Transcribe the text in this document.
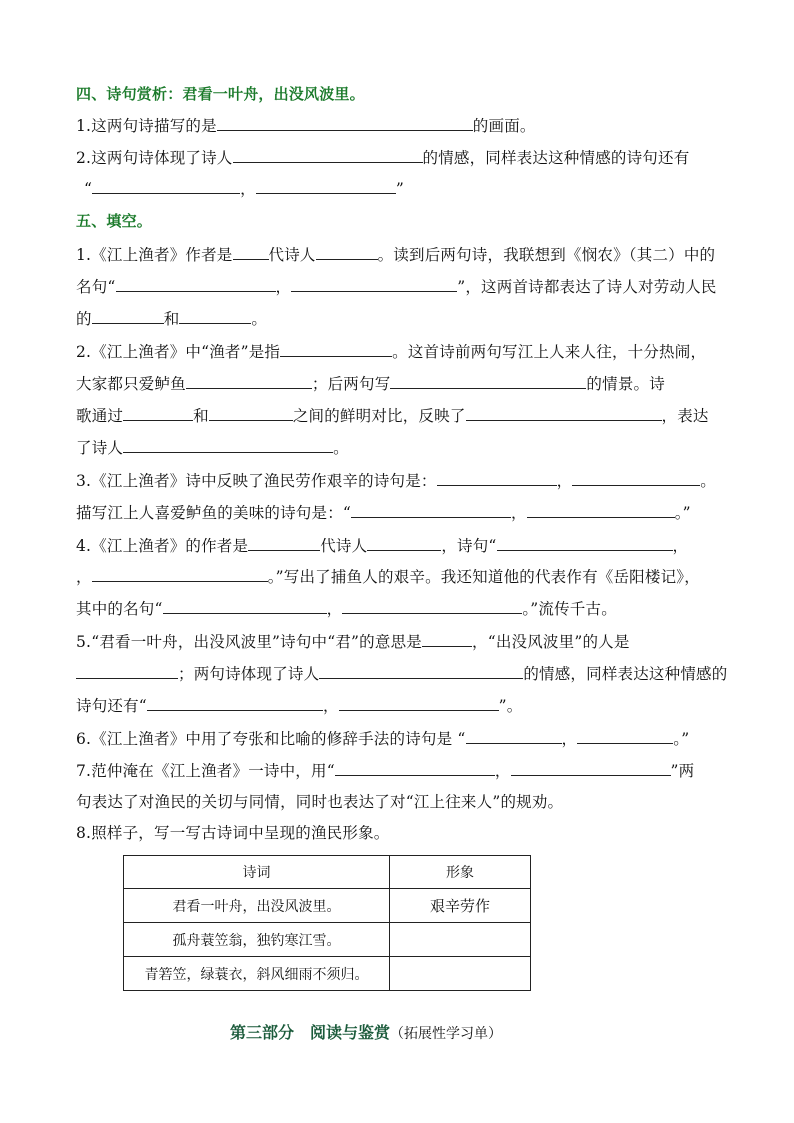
四、诗句赏析：君看一叶舟，出没风波里。
1.这两句诗描写的是	的画面。
2.这两句诗体现了诗人	的情感，同样表达这种情感的诗句还有
“	，	”
五、填空。
1.《江上渔者》作者是 代诗人	。读到后两句诗，我联想到《悯农》（其二）中的
名句“	，	”，这两首诗都表达了诗人对劳动人民
的	和	。
2.《江上渔者》中“渔者”是指	。这首诗前两句写江上人来人往，十分热闹，
大家都只爱鲈鱼	；后两句写	的情景。诗
歌通过	和	之间的鲜明对比，反映了	，表达
了诗人	。
3.《江上渔者》诗中反映了渔民劳作艰辛的诗句是：	，	。
描写江上人喜爱鲈鱼的美味的诗句是：“	，	。”
4.《江上渔者》的作者是	代诗人	，诗句“	，
，	。”写出了捕鱼人的艰辛。我还知道他的代表作有《岳阳楼记》，
其中的名句“	，	。”流传千古。
5.“君看一叶舟，出没风波里”诗句中“君”的意思是	，“出没风波里”的人是
；两句诗体现了诗人	的情感，同样表达这种情感的
诗句还有“	，	”。
6.《江上渔者》中用了夸张和比喻的修辞手法的诗句是 “	，	。”
7.范仲淹在《江上渔者》一诗中，用“	，	”两
句表达了对渔民的关切与同情，同时也表达了对“江上往来人”的规劝。
8.照样子，写一写古诗词中呈现的渔民形象。
诗词	形象
君看一叶舟，出没风波里。	艰辛劳作
孤舟蓑笠翁，独钓寒江雪。	
青箬笠，绿蓑衣，斜风细雨不须归。	
第三部分　阅读与鉴赏（拓展性学习单）
